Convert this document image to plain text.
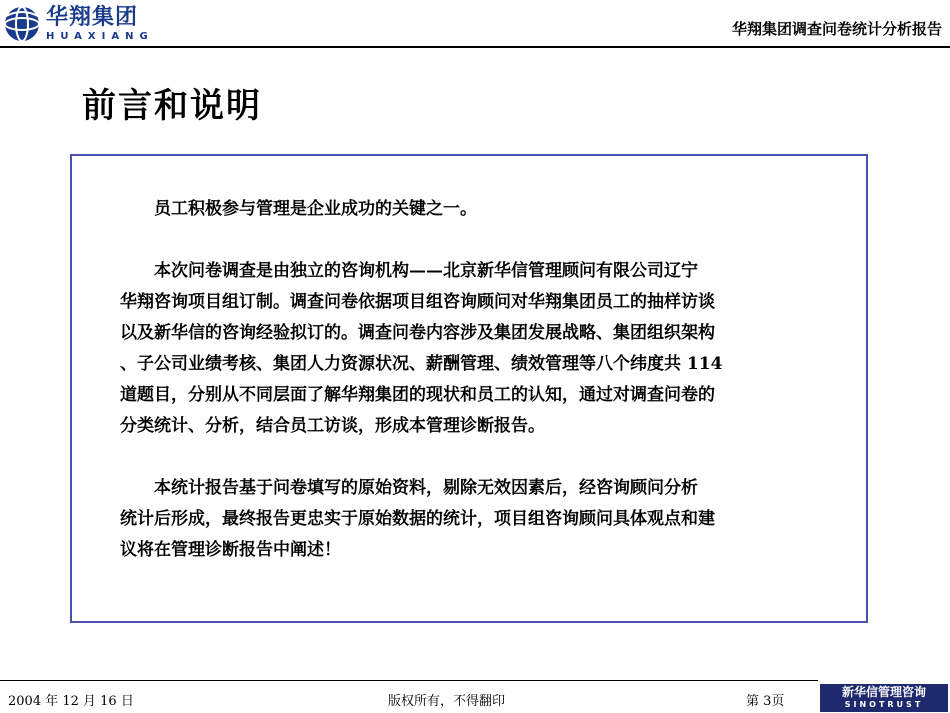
华翔集团
HUAXIANG	华翔集团调查问卷统计分析报告
前言和说明

员工积极参与管理是企业成功的关键之一。

本次问卷调查是由独立的咨询机构——北京新华信管理顾问有限公司辽宁
华翔咨询项目组订制。调查问卷依据项目组咨询顾问对华翔集团员工的抽样访谈
以及新华信的咨询经验拟订的。调查问卷内容涉及集团发展战略、集团组织架构
、子公司业绩考核、集团人力资源状况、薪酬管理、绩效管理等八个纬度共 114
道题目，分别从不同层面了解华翔集团的现状和员工的认知，通过对调查问卷的
分类统计、分析，结合员工访谈，形成本管理诊断报告。

本统计报告基于问卷填写的原始资料，剔除无效因素后，经咨询顾问分析
统计后形成，最终报告更忠实于原始数据的统计，项目组咨询顾问具体观点和建
议将在管理诊断报告中阐述！

2004 年 12 月 16 日	版权所有，不得翻印	第 3页
新华信管理咨询
SINOTRUST
